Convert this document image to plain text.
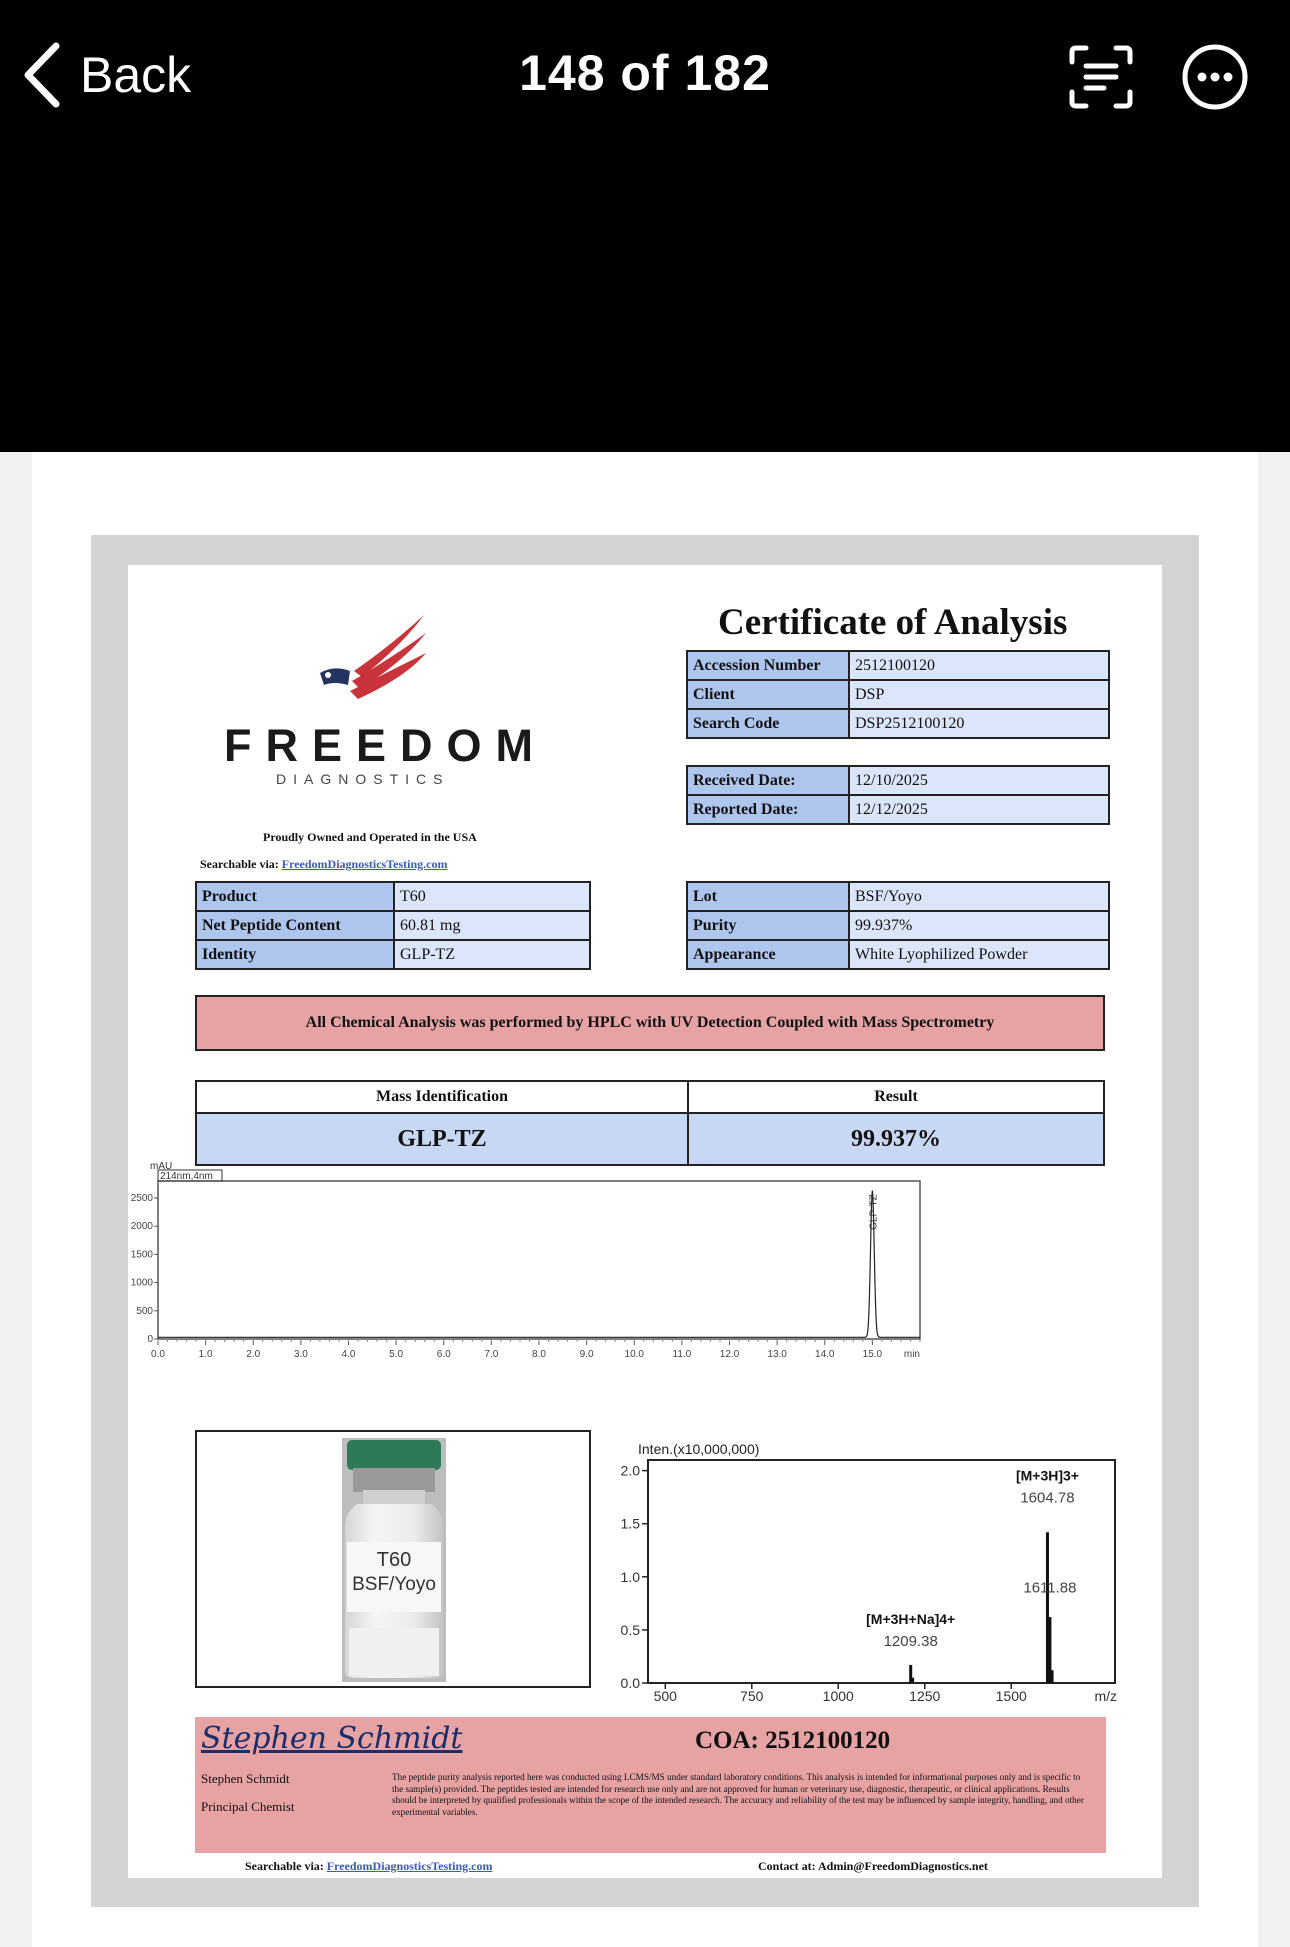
Back	148 of 182
Certificate of Analysis
FREEDOM
DIAGNOSTICS
Proudly Owned and Operated in the USA
Searchable via: FreedomDiagnosticsTesting.com
Accession Number	2512100120
Client	DSP
Search Code	DSP2512100120
Received Date:	12/10/2025
Reported Date:	12/12/2025
Product	T60
Net Peptide Content	60.81 mg
Identity	GLP-TZ
Lot	BSF/Yoyo
Purity	99.937%
Appearance	White Lyophilized Powder
All Chemical Analysis was performed by HPLC with UV Detection Coupled with Mass Spectrometry
Mass Identification	Result
GLP-TZ	99.937%
214nm,4nm
mAU
0
500
1000
1500
2000
2500
0.0	1.0	2.0	3.0	4.0	5.0	6.0	7.0	8.0	9.0	10.0	11.0	12.0	13.0	14.0	15.0 min
GLP-TZ
T60
BSF/Yoyo
Inten.(x10,000,000)
0.0
0.5
1.0
1.5
2.0
500	750	1000	1250	1500	m/z
[M+3H]3+
1604.78
1611.88
[M+3H+Na]4+
1209.38
Stephen Schmidt
Stephen Schmidt
Principal Chemist
COA: 2512100120
The peptide purity analysis reported here was conducted using LCMS/MS under standard laboratory conditions. This analysis is intended for informational purposes only and is specific to the sample(s) provided. The peptides tested are intended for research use only and are not approved for human or veterinary use, diagnostic, therapeutic, or clinical applications. Results should be interpreted by qualified professionals within the scope of the intended research. The accuracy and reliability of the test may be influenced by sample integrity, handling, and other experimental variables.
Searchable via: FreedomDiagnosticsTesting.com	Contact at: Admin@FreedomDiagnostics.net
